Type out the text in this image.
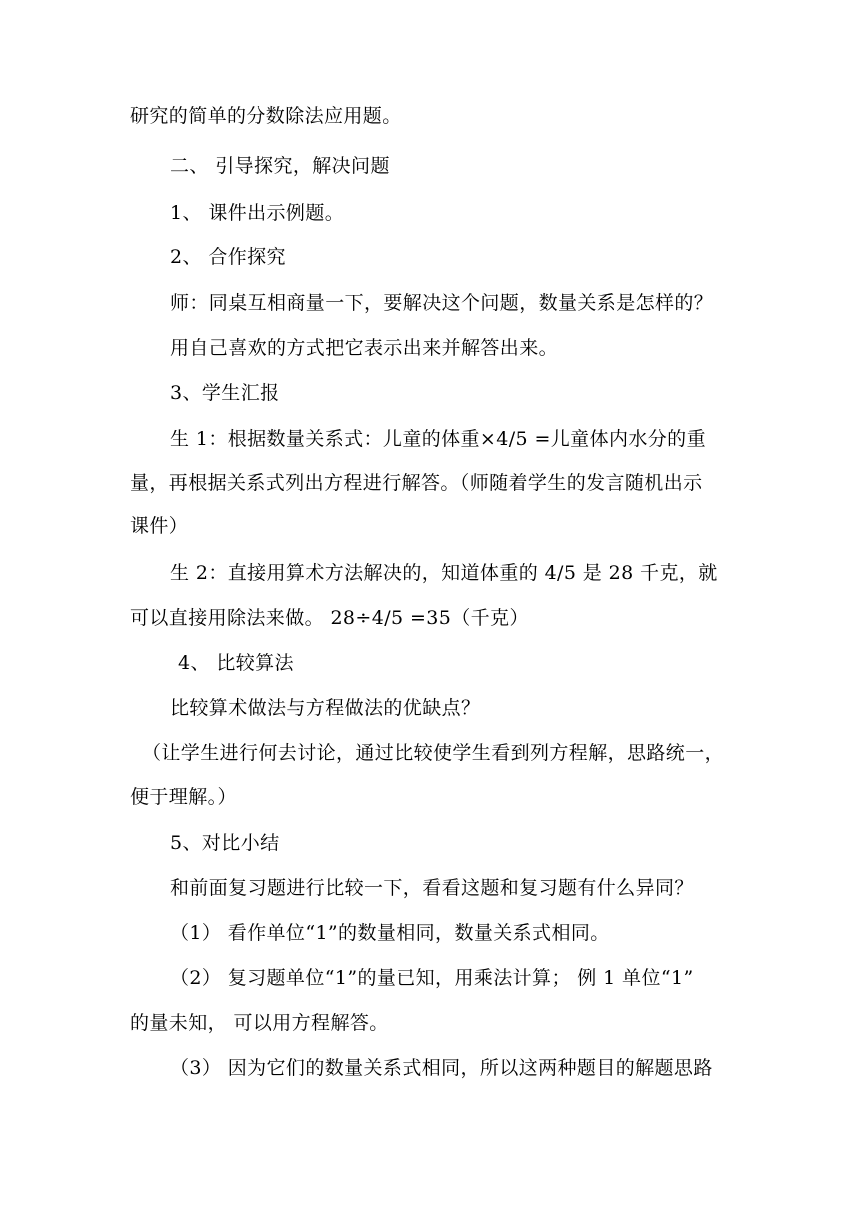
研究的简单的分数除法应用题。
二、 引导探究，解决问题
1、 课件出示例题。
2、 合作探究
师：同桌互相商量一下，要解决这个问题，数量关系是怎样的？
用自己喜欢的方式把它表示出来并解答出来。
3、学生汇报
生 1：根据数量关系式：儿童的体重×4/5 =儿童体内水分的重
量，再根据关系式列出方程进行解答。（师随着学生的发言随机出示
课件）
生 2：直接用算术方法解决的，知道体重的 4/5 是 28 千克，就
可以直接用除法来做。 28÷4/5 =35（千克）
4、 比较算法
比较算术做法与方程做法的优缺点？
（让学生进行何去讨论，通过比较使学生看到列方程解，思路统一，
便于理解。）
5、对比小结
和前面复习题进行比较一下，看看这题和复习题有什么异同？
（1） 看作单位“1”的数量相同，数量关系式相同。
（2） 复习题单位“1”的量已知，用乘法计算； 例 1 单位“1”
的量未知， 可以用方程解答。
（3） 因为它们的数量关系式相同，所以这两种题目的解题思路
